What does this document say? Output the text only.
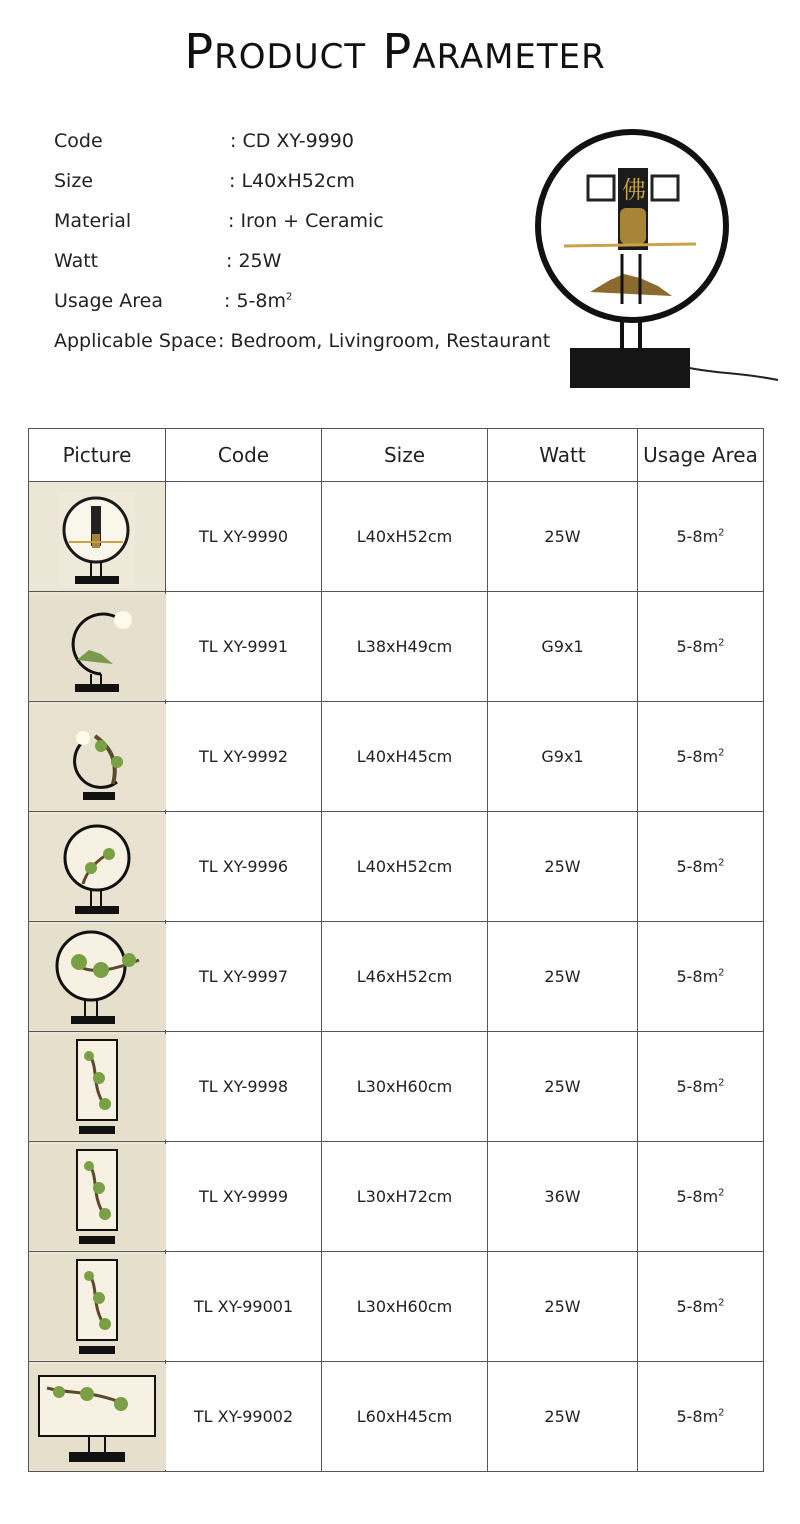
Product Parameter
Code	: CD XY-9990
Size	: L40xH52cm
Material	: Iron + Ceramic
Watt	: 25W
Usage Area	: $5-8m^2$
Applicable Space : Bedroom, Livingroom, Restaurant
佛
Picture	Code	Size	Watt	Usage Area

	TL XY-9990	L40xH52cm	25W	$5-8m^2$

	TL XY-9991	L38xH49cm	G9x1	$5-8m^2$

	TL XY-9992	L40xH45cm	G9x1	$5-8m^2$

	TL XY-9996	L40xH52cm	25W	$5-8m^2$

	TL XY-9997	L46xH52cm	25W	$5-8m^2$

	TL XY-9998	L30xH60cm	25W	$5-8m^2$

	TL XY-9999	L30xH72cm	36W	$5-8m^2$

	TL XY-99001	L30xH60cm	25W	$5-8m^2$

	TL XY-99002	L60xH45cm	25W	$5-8m^2$
